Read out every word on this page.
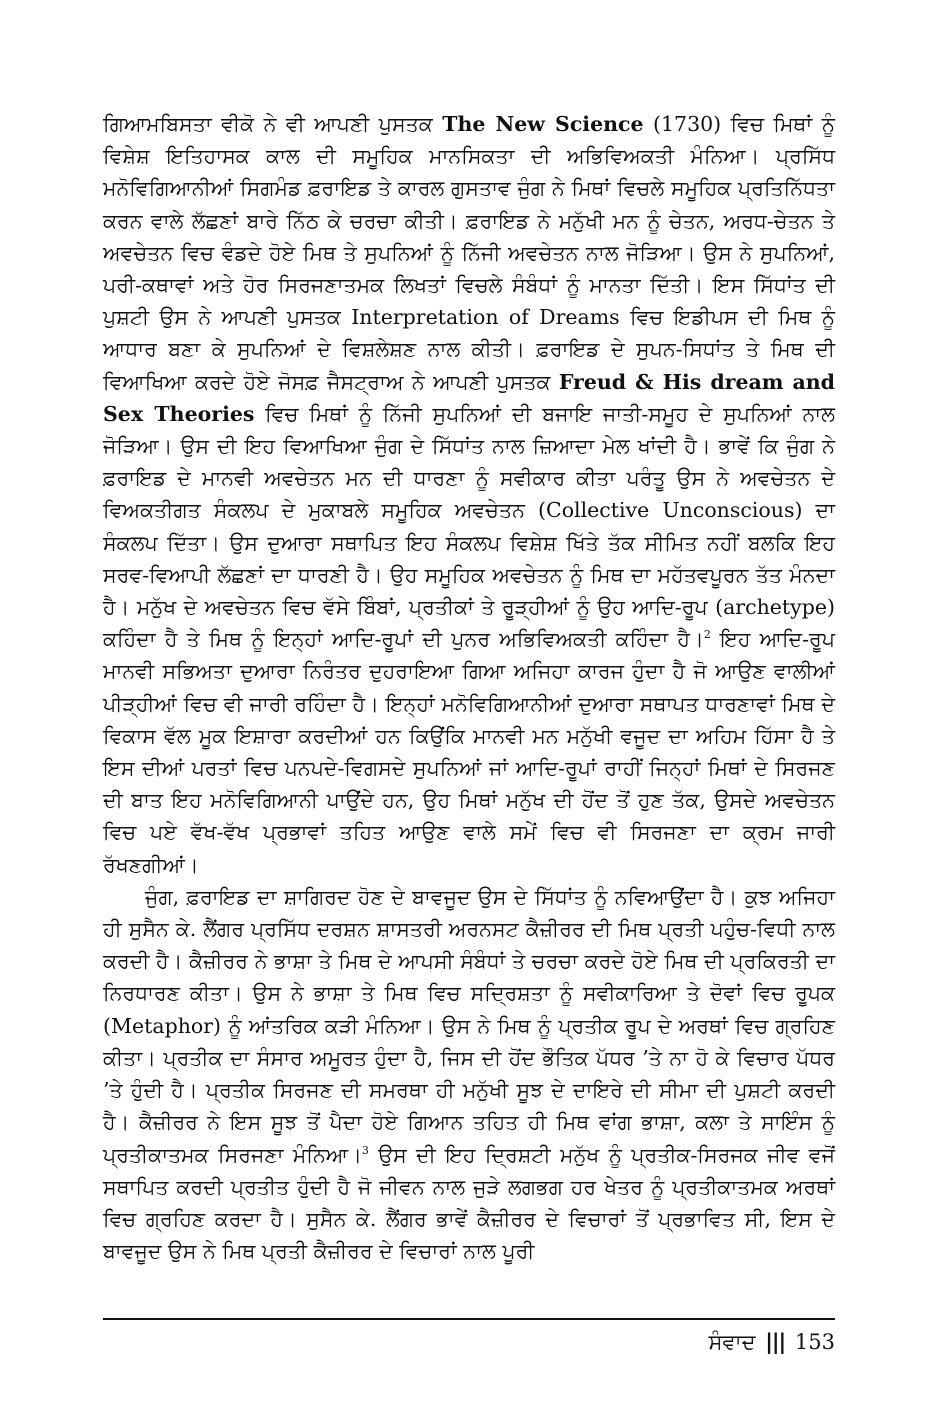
ਗਿਆਮਬਿਸਤਾ ਵੀਕੋ ਨੇ ਵੀ ਆਪਣੀ ਪੁਸਤਕ The New Science (1730) ਵਿਚ ਮਿਥਾਂ ਨੂੰ ਵਿਸ਼ੇਸ਼ ਇਤਿਹਾਸਕ ਕਾਲ ਦੀ ਸਮੂਹਿਕ ਮਾਨਸਿਕਤਾ ਦੀ ਅਭਿਵਿਅਕਤੀ ਮੰਨਿਆ। ਪ੍ਰਸਿੱਧ ਮਨੋਵਿਗਿਆਨੀਆਂ ਸਿਗਮੰਡ ਫ਼ਰਾਇਡ ਤੇ ਕਾਰਲ ਗੁਸਤਾਵ ਜੁੰਗ ਨੇ ਮਿਥਾਂ ਵਿਚਲੇ ਸਮੂਹਿਕ ਪ੍ਰਤਿਨਿੱਧਤਾ ਕਰਨ ਵਾਲੇ ਲੱਛਣਾਂ ਬਾਰੇ ਨਿੱਠ ਕੇ ਚਰਚਾ ਕੀਤੀ। ਫ਼ਰਾਇਡ ਨੇ ਮਨੁੱਖੀ ਮਨ ਨੂੰ ਚੇਤਨ, ਅਰਧ-ਚੇਤਨ ਤੇ ਅਵਚੇਤਨ ਵਿਚ ਵੰਡਦੇ ਹੋਏ ਮਿਥ ਤੇ ਸੁਪਨਿਆਂ ਨੂੰ ਨਿੱਜੀ ਅਵਚੇਤਨ ਨਾਲ ਜੋੜਿਆ। ਉਸ ਨੇ ਸੁਪਨਿਆਂ, ਪਰੀ-ਕਥਾਵਾਂ ਅਤੇ ਹੋਰ ਸਿਰਜਣਾਤਮਕ ਲਿਖਤਾਂ ਵਿਚਲੇ ਸੰਬੰਧਾਂ ਨੂੰ ਮਾਨਤਾ ਦਿੱਤੀ। ਇਸ ਸਿੱਧਾਂਤ ਦੀ ਪੁਸ਼ਟੀ ਉਸ ਨੇ ਆਪਣੀ ਪੁਸਤਕ Interpretation of Dreams ਵਿਚ ਇਡੀਪਸ ਦੀ ਮਿਥ ਨੂੰ ਆਧਾਰ ਬਣਾ ਕੇ ਸੁਪਨਿਆਂ ਦੇ ਵਿਸ਼ਲੇਸ਼ਣ ਨਾਲ ਕੀਤੀ। ਫ਼ਰਾਇਡ ਦੇ ਸੁਪਨ-ਸਿਧਾਂਤ ਤੇ ਮਿਥ ਦੀ ਵਿਆਖਿਆ ਕਰਦੇ ਹੋਏ ਜੋਸਫ਼ ਜੈਸਟ੍ਰਾਅ ਨੇ ਆਪਣੀ ਪੁਸਤਕ Freud & His dream and Sex Theories ਵਿਚ ਮਿਥਾਂ ਨੂੰ ਨਿੱਜੀ ਸੁਪਨਿਆਂ ਦੀ ਬਜਾਇ ਜਾਤੀ-ਸਮੂਹ ਦੇ ਸੁਪਨਿਆਂ ਨਾਲ ਜੋੜਿਆ। ਉਸ ਦੀ ਇਹ ਵਿਆਖਿਆ ਜੁੰਗ ਦੇ ਸਿੱਧਾਂਤ ਨਾਲ ਜ਼ਿਆਦਾ ਮੇਲ ਖਾਂਦੀ ਹੈ। ਭਾਵੇਂ ਕਿ ਜੁੰਗ ਨੇ ਫ਼ਰਾਇਡ ਦੇ ਮਾਨਵੀ ਅਵਚੇਤਨ ਮਨ ਦੀ ਧਾਰਣਾ ਨੂੰ ਸਵੀਕਾਰ ਕੀਤਾ ਪਰੰਤੂ ਉਸ ਨੇ ਅਵਚੇਤਨ ਦੇ ਵਿਅਕਤੀਗਤ ਸੰਕਲਪ ਦੇ ਮੁਕਾਬਲੇ ਸਮੂਹਿਕ ਅਵਚੇਤਨ (Collective Unconscious) ਦਾ ਸੰਕਲਪ ਦਿੱਤਾ। ਉਸ ਦੁਆਰਾ ਸਥਾਪਿਤ ਇਹ ਸੰਕਲਪ ਵਿਸ਼ੇਸ਼ ਖਿੱਤੇ ਤੱਕ ਸੀਮਿਤ ਨਹੀਂ ਬਲਕਿ ਇਹ ਸਰਵ-ਵਿਆਪੀ ਲੱਛਣਾਂ ਦਾ ਧਾਰਣੀ ਹੈ। ਉਹ ਸਮੂਹਿਕ ਅਵਚੇਤਨ ਨੂੰ ਮਿਥ ਦਾ ਮਹੱਤਵਪੂਰਨ ਤੱਤ ਮੰਨਦਾ ਹੈ। ਮਨੁੱਖ ਦੇ ਅਵਚੇਤਨ ਵਿਚ ਵੱਸੇ ਬਿੰਬਾਂ, ਪ੍ਰਤੀਕਾਂ ਤੇ ਰੂੜ੍ਹੀਆਂ ਨੂੰ ਉਹ ਆਦਿ-ਰੂਪ (archetype) ਕਹਿੰਦਾ ਹੈ ਤੇ ਮਿਥ ਨੂੰ ਇਨ੍ਹਾਂ ਆਦਿ-ਰੂਪਾਂ ਦੀ ਪੁਨਰ ਅਭਿਵਿਅਕਤੀ ਕਹਿੰਦਾ ਹੈ।$^2$ ਇਹ ਆਦਿ-ਰੂਪ ਮਾਨਵੀ ਸਭਿਅਤਾ ਦੁਆਰਾ ਨਿਰੰਤਰ ਦੁਹਰਾਇਆ ਗਿਆ ਅਜਿਹਾ ਕਾਰਜ ਹੁੰਦਾ ਹੈ ਜੋ ਆਉਣ ਵਾਲੀਆਂ ਪੀੜ੍ਹੀਆਂ ਵਿਚ ਵੀ ਜਾਰੀ ਰਹਿੰਦਾ ਹੈ। ਇਨ੍ਹਾਂ ਮਨੋਵਿਗਿਆਨੀਆਂ ਦੁਆਰਾ ਸਥਾਪਤ ਧਾਰਣਾਵਾਂ ਮਿਥ ਦੇ ਵਿਕਾਸ ਵੱਲ ਮੂਕ ਇਸ਼ਾਰਾ ਕਰਦੀਆਂ ਹਨ ਕਿਉਂਕਿ ਮਾਨਵੀ ਮਨ ਮਨੁੱਖੀ ਵਜੂਦ ਦਾ ਅਹਿਮ ਹਿੱਸਾ ਹੈ ਤੇ ਇਸ ਦੀਆਂ ਪਰਤਾਂ ਵਿਚ ਪਨਪਦੇ-ਵਿਗਸਦੇ ਸੁਪਨਿਆਂ ਜਾਂ ਆਦਿ-ਰੂਪਾਂ ਰਾਹੀਂ ਜਿਨ੍ਹਾਂ ਮਿਥਾਂ ਦੇ ਸਿਰਜਣ ਦੀ ਬਾਤ ਇਹ ਮਨੋਵਿਗਿਆਨੀ ਪਾਉਂਦੇ ਹਨ, ਉਹ ਮਿਥਾਂ ਮਨੁੱਖ ਦੀ ਹੋਂਦ ਤੋਂ ਹੁਣ ਤੱਕ, ਉਸਦੇ ਅਵਚੇਤਨ ਵਿਚ ਪਏ ਵੱਖ-ਵੱਖ ਪ੍ਰਭਾਵਾਂ ਤਹਿਤ ਆਉਣ ਵਾਲੇ ਸਮੇਂ ਵਿਚ ਵੀ ਸਿਰਜਣਾ ਦਾ ਕ੍ਰਮ ਜਾਰੀ ਰੱਖਣਗੀਆਂ।

ਜੁੰਗ, ਫ਼ਰਾਇਡ ਦਾ ਸ਼ਾਗਿਰਦ ਹੋਣ ਦੇ ਬਾਵਜੂਦ ਉਸ ਦੇ ਸਿੱਧਾਂਤ ਨੂੰ ਨਵਿਆਉਂਦਾ ਹੈ। ਕੁਝ ਅਜਿਹਾ ਹੀ ਸੁਸੈਨ ਕੇ. ਲੈਂਗਰ ਪ੍ਰਸਿੱਧ ਦਰਸ਼ਨ ਸ਼ਾਸਤਰੀ ਅਰਨਸਟ ਕੈਜ਼ੀਰਰ ਦੀ ਮਿਥ ਪ੍ਰਤੀ ਪਹੁੰਚ-ਵਿਧੀ ਨਾਲ ਕਰਦੀ ਹੈ। ਕੈਜ਼ੀਰਰ ਨੇ ਭਾਸ਼ਾ ਤੇ ਮਿਥ ਦੇ ਆਪਸੀ ਸੰਬੰਧਾਂ ਤੇ ਚਰਚਾ ਕਰਦੇ ਹੋਏ ਮਿਥ ਦੀ ਪ੍ਰਕਿਰਤੀ ਦਾ ਨਿਰਧਾਰਣ ਕੀਤਾ। ਉਸ ਨੇ ਭਾਸ਼ਾ ਤੇ ਮਿਥ ਵਿਚ ਸਦ੍ਰਿਸ਼ਤਾ ਨੂੰ ਸਵੀਕਾਰਿਆ ਤੇ ਦੋਵਾਂ ਵਿਚ ਰੂਪਕ (Metaphor) ਨੂੰ ਆਂਤਰਿਕ ਕੜੀ ਮੰਨਿਆ। ਉਸ ਨੇ ਮਿਥ ਨੂੰ ਪ੍ਰਤੀਕ ਰੂਪ ਦੇ ਅਰਥਾਂ ਵਿਚ ਗ੍ਰਹਿਣ ਕੀਤਾ। ਪ੍ਰਤੀਕ ਦਾ ਸੰਸਾਰ ਅਮੂਰਤ ਹੁੰਦਾ ਹੈ, ਜਿਸ ਦੀ ਹੋਂਦ ਭੌਤਿਕ ਪੱਧਰ ’ਤੇ ਨਾ ਹੋ ਕੇ ਵਿਚਾਰ ਪੱਧਰ ’ਤੇ ਹੁੰਦੀ ਹੈ। ਪ੍ਰਤੀਕ ਸਿਰਜਣ ਦੀ ਸਮਰਥਾ ਹੀ ਮਨੁੱਖੀ ਸੂਝ ਦੇ ਦਾਇਰੇ ਦੀ ਸੀਮਾ ਦੀ ਪੁਸ਼ਟੀ ਕਰਦੀ ਹੈ। ਕੈਜ਼ੀਰਰ ਨੇ ਇਸ ਸੂਝ ਤੋਂ ਪੈਦਾ ਹੋਏ ਗਿਆਨ ਤਹਿਤ ਹੀ ਮਿਥ ਵਾਂਗ ਭਾਸ਼ਾ, ਕਲਾ ਤੇ ਸਾਇੰਸ ਨੂੰ ਪ੍ਰਤੀਕਾਤਮਕ ਸਿਰਜਣਾ ਮੰਨਿਆ।$^3$ ਉਸ ਦੀ ਇਹ ਦ੍ਰਿਸ਼ਟੀ ਮਨੁੱਖ ਨੂੰ ਪ੍ਰਤੀਕ-ਸਿਰਜਕ ਜੀਵ ਵਜੋਂ ਸਥਾਪਿਤ ਕਰਦੀ ਪ੍ਰਤੀਤ ਹੁੰਦੀ ਹੈ ਜੋ ਜੀਵਨ ਨਾਲ ਜੁੜੇ ਲਗਭਗ ਹਰ ਖੇਤਰ ਨੂੰ ਪ੍ਰਤੀਕਾਤਮਕ ਅਰਥਾਂ ਵਿਚ ਗ੍ਰਹਿਣ ਕਰਦਾ ਹੈ। ਸੁਸੈਨ ਕੇ. ਲੈਂਗਰ ਭਾਵੇਂ ਕੈਜ਼ੀਰਰ ਦੇ ਵਿਚਾਰਾਂ ਤੋਂ ਪ੍ਰਭਾਵਿਤ ਸੀ, ਇਸ ਦੇ ਬਾਵਜੂਦ ਉਸ ਨੇ ਮਿਥ ਪ੍ਰਤੀ ਕੈਜ਼ੀਰਰ ਦੇ ਵਿਚਾਰਾਂ ਨਾਲ ਪੂਰੀ

ਸੰਵਾਦ ||| 153
